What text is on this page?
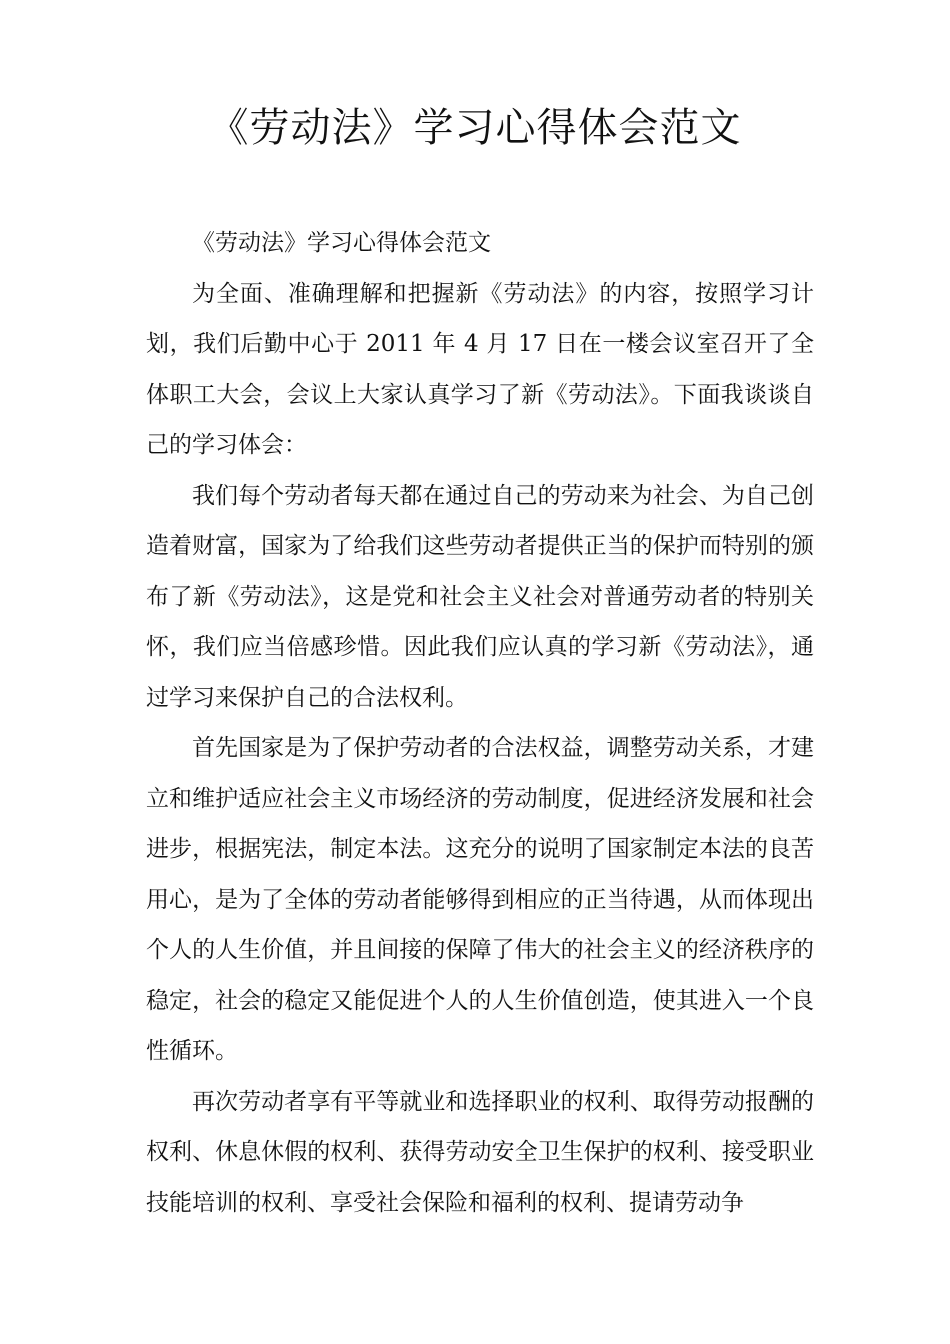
《劳动法》学习心得体会范文

《劳动法》学习心得体会范文

为全面、准确理解和把握新《劳动法》的内容，按照学习计划，我们后勤中心于 2011 年 4 月 17 日在一楼会议室召开了全体职工大会，会议上大家认真学习了新《劳动法》。下面我谈谈自己的学习体会：

我们每个劳动者每天都在通过自己的劳动来为社会、为自己创造着财富，国家为了给我们这些劳动者提供正当的保护而特别的颁布了新《劳动法》，这是党和社会主义社会对普通劳动者的特别关怀，我们应当倍感珍惜。因此我们应认真的学习新《劳动法》，通过学习来保护自己的合法权利。

首先国家是为了保护劳动者的合法权益，调整劳动关系，才建立和维护适应社会主义市场经济的劳动制度，促进经济发展和社会进步，根据宪法，制定本法。这充分的说明了国家制定本法的良苦用心，是为了全体的劳动者能够得到相应的正当待遇，从而体现出个人的人生价值，并且间接的保障了伟大的社会主义的经济秩序的稳定，社会的稳定又能促进个人的人生价值创造，使其进入一个良性循环。

再次劳动者享有平等就业和选择职业的权利、取得劳动报酬的权利、休息休假的权利、获得劳动安全卫生保护的权利、接受职业技能培训的权利、享受社会保险和福利的权利、提请劳动争
